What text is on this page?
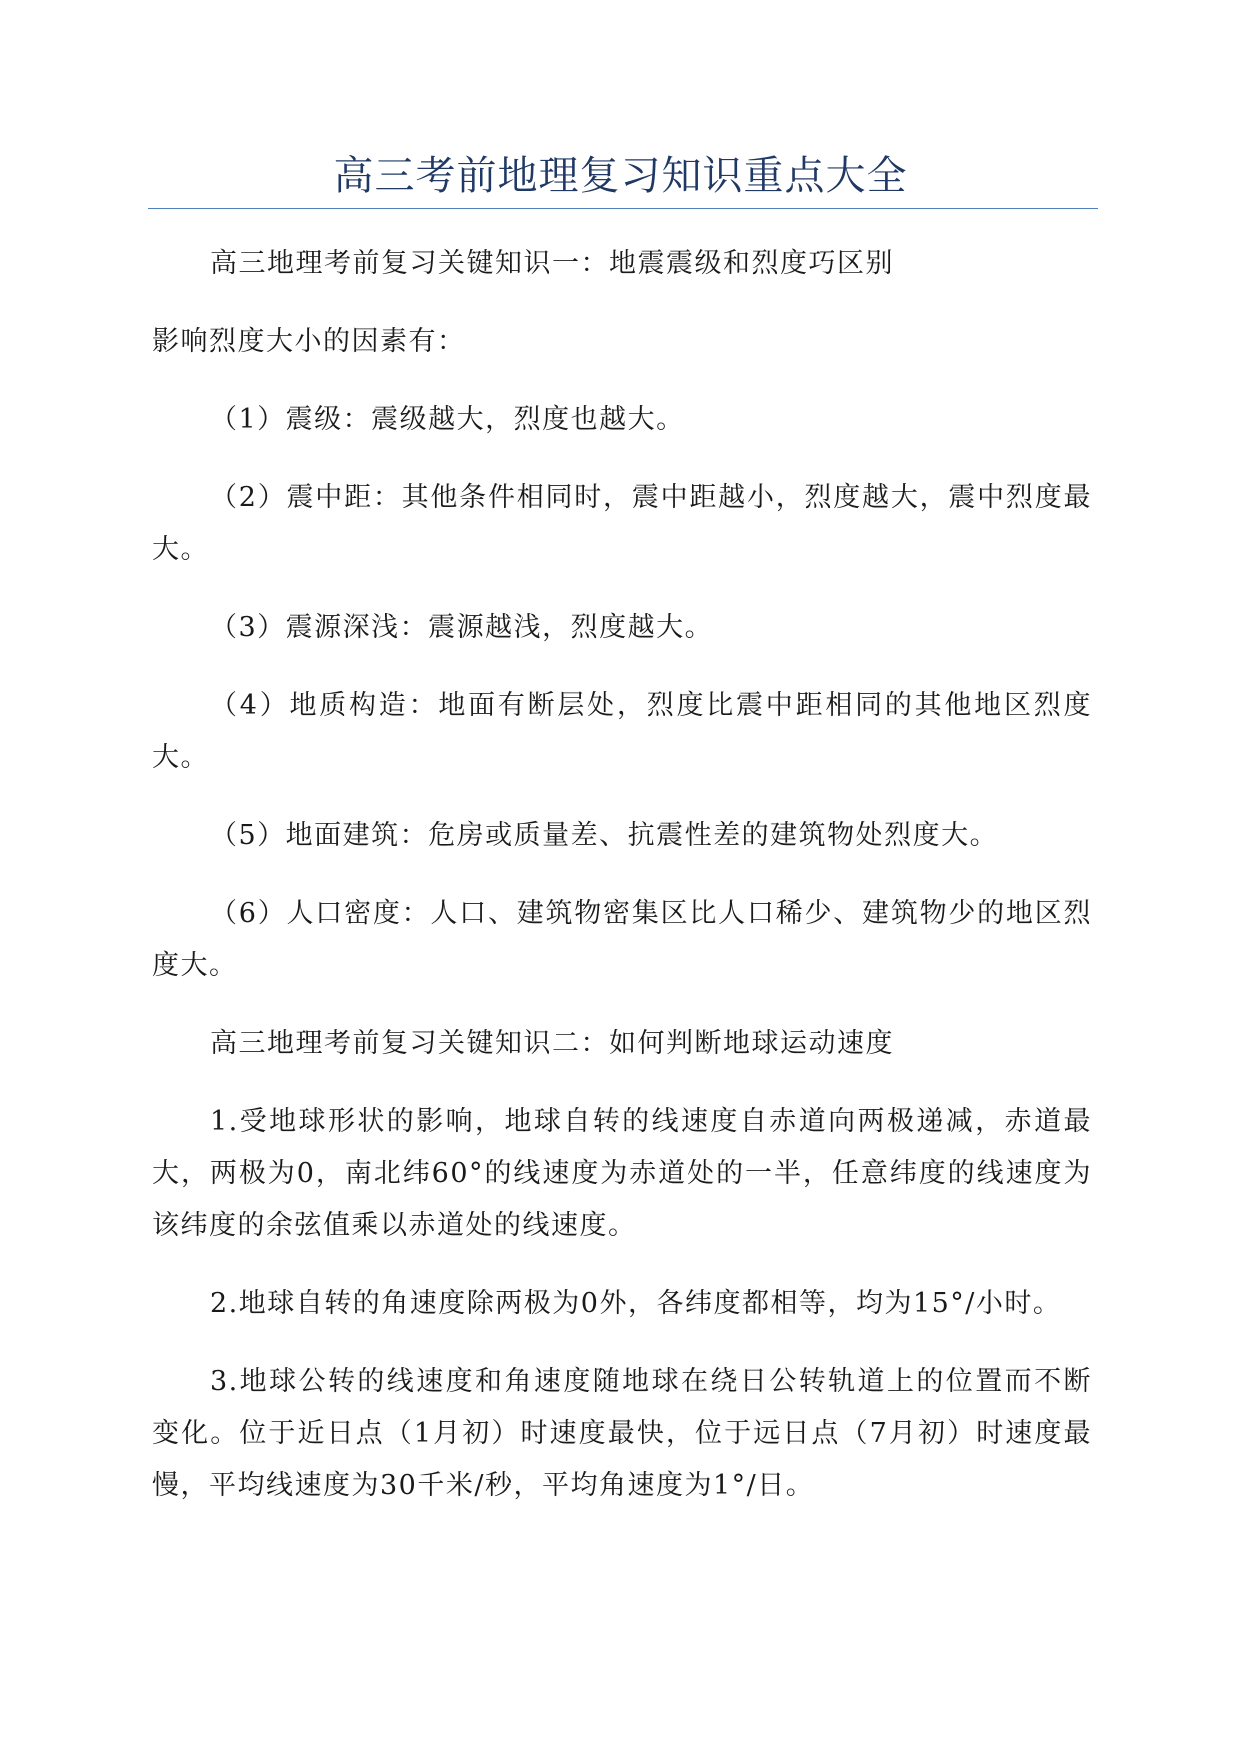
高三考前地理复习知识重点大全

高三地理考前复习关键知识一：地震震级和烈度巧区别

影响烈度大小的因素有：

（1）震级：震级越大，烈度也越大。

（2）震中距：其他条件相同时，震中距越小，烈度越大，震中烈度最大。

（3）震源深浅：震源越浅，烈度越大。

（4）地质构造：地面有断层处，烈度比震中距相同的其他地区烈度大。

（5）地面建筑：危房或质量差、抗震性差的建筑物处烈度大。

（6）人口密度：人口、建筑物密集区比人口稀少、建筑物少的地区烈度大。

高三地理考前复习关键知识二：如何判断地球运动速度

1.受地球形状的影响，地球自转的线速度自赤道向两极递减，赤道最大，两极为0，南北纬60°的线速度为赤道处的一半，任意纬度的线速度为该纬度的余弦值乘以赤道处的线速度。

2.地球自转的角速度除两极为0外，各纬度都相等，均为15°/小时。

3.地球公转的线速度和角速度随地球在绕日公转轨道上的位置而不断变化。位于近日点（1月初）时速度最快，位于远日点（7月初）时速度最慢，平均线速度为30千米/秒，平均角速度为1°/日。
